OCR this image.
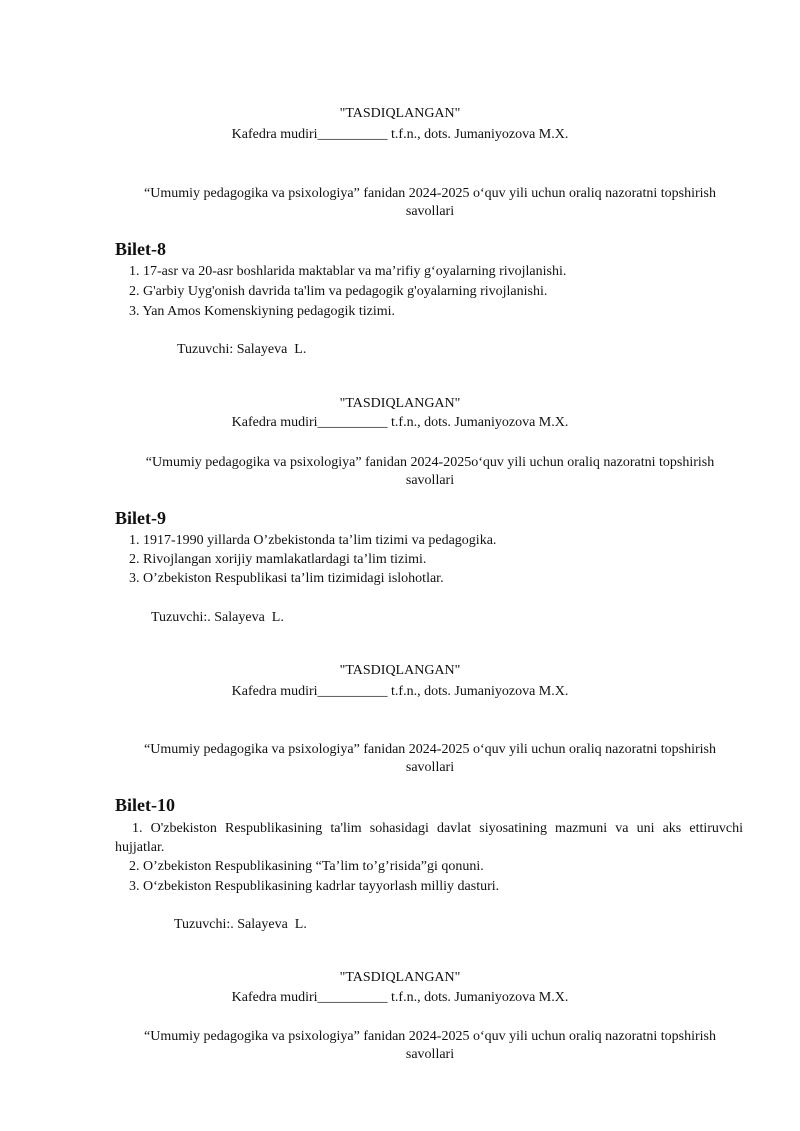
"TASDIQLANGAN"
Kafedra mudiri__________ t.f.n., dots. Jumaniyozova M.X.
“Umumiy pedagogika va psixologiya” fanidan 2024-2025 o‘quv yili uchun oraliq nazoratni topshirish savollari
Bilet-8
1. 17-asr va 20-asr boshlarida maktablar va ma’rifiy g‘oyalarning rivojlanishi.
2. G'arbiy Uyg'onish davrida ta'lim va pedagogik g'oyalarning rivojlanishi.
3. Yan Amos Komenskiyning pedagogik tizimi.
Tuzuvchi: Salayeva  L.
"TASDIQLANGAN"
Kafedra mudiri__________ t.f.n., dots. Jumaniyozova M.X.
“Umumiy pedagogika va psixologiya” fanidan 2024-2025o‘quv yili uchun oraliq nazoratni topshirish savollari
Bilet-9
1. 1917-1990 yillarda O’zbekistonda ta’lim tizimi va pedagogika.
2. Rivojlangan xorijiy mamlakatlardagi ta’lim tizimi.
3. O’zbekiston Respublikasi ta’lim tizimidagi islohotlar.
Tuzuvchi:. Salayeva  L.
"TASDIQLANGAN"
Kafedra mudiri__________ t.f.n., dots. Jumaniyozova M.X.
“Umumiy pedagogika va psixologiya” fanidan 2024-2025 o‘quv yili uchun oraliq nazoratni topshirish savollari
Bilet-10
1. O'zbekiston Respublikasining ta'lim sohasidagi davlat siyosatining mazmuni va uni aks ettiruvchi hujjatlar.
2. O’zbekiston Respublikasining “Ta’lim to’g’risida”gi qonuni.
3. O‘zbekiston Respublikasining kadrlar tayyorlash milliy dasturi.
Tuzuvchi:. Salayeva  L.
"TASDIQLANGAN"
Kafedra mudiri__________ t.f.n., dots. Jumaniyozova M.X.
“Umumiy pedagogika va psixologiya” fanidan 2024-2025 o‘quv yili uchun oraliq nazoratni topshirish savollari
